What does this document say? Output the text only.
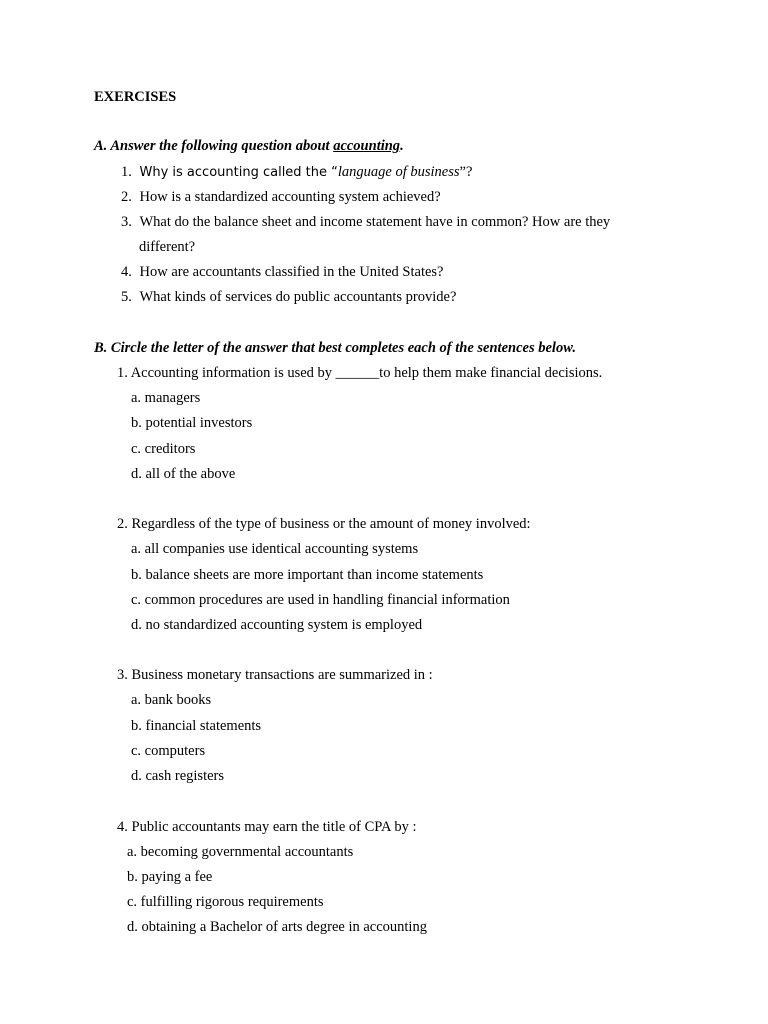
EXERCISES
A. Answer the following question about accounting.
1. Why is accounting called the “language of business”?
2. How is a standardized accounting system achieved?
3. What do the balance sheet and income statement have in common? How are they
different?
4. How are accountants classified in the United States?
5. What kinds of services do public accountants provide?
B. Circle the letter of the answer that best completes each of the sentences below.
1. Accounting information is used by ______to help them make financial decisions.
a. managers
b. potential investors
c. creditors
d. all of the above
2. Regardless of the type of business or the amount of money involved:
a. all companies use identical accounting systems
b. balance sheets are more important than income statements
c. common procedures are used in handling financial information
d. no standardized accounting system is employed
3. Business monetary transactions are summarized in :
a. bank books
b. financial statements
c. computers
d. cash registers
4. Public accountants may earn the title of CPA by :
a. becoming governmental accountants
b. paying a fee
c. fulfilling rigorous requirements
d. obtaining a Bachelor of arts degree in accounting
